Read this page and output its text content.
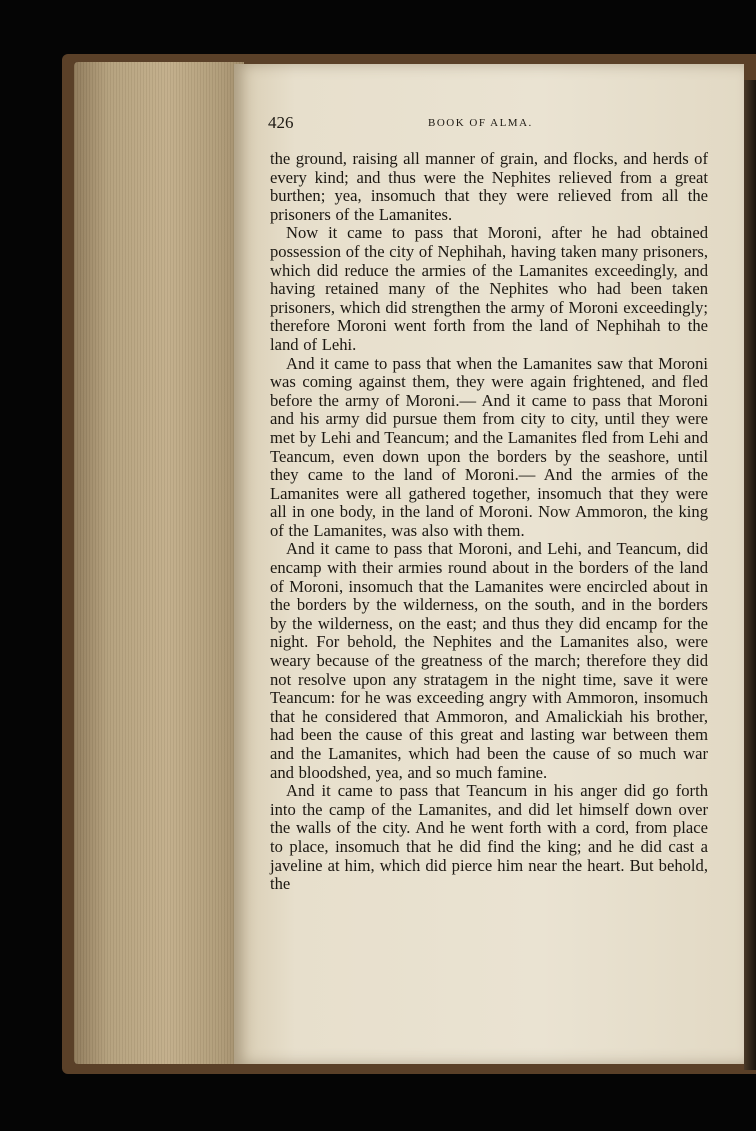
426	BOOK OF ALMA.

the ground, raising all manner of grain, and flocks, and herds of every kind; and thus were the Nephites relieved from a great burthen; yea, insomuch that they were relieved from all the prisoners of the Lamanites.

Now it came to pass that Moroni, after he had obtained possession of the city of Nephihah, having taken many prisoners, which did reduce the armies of the Lamanites exceedingly, and having retained many of the Nephites who had been taken prisoners, which did strengthen the army of Moroni exceedingly; therefore Moroni went forth from the land of Nephihah to the land of Lehi.

And it came to pass that when the Lamanites saw that Moroni was coming against them, they were again frightened, and fled before the army of Moroni.— And it came to pass that Moroni and his army did pursue them from city to city, until they were met by Lehi and Teancum; and the Lamanites fled from Lehi and Teancum, even down upon the borders by the seashore, until they came to the land of Moroni.— And the armies of the Lamanites were all gathered together, insomuch that they were all in one body, in the land of Moroni. Now Ammoron, the king of the Lamanites, was also with them.

And it came to pass that Moroni, and Lehi, and Teancum, did encamp with their armies round about in the borders of the land of Moroni, insomuch that the Lamanites were encircled about in the borders by the wilderness, on the south, and in the borders by the wilderness, on the east; and thus they did encamp for the night. For behold, the Nephites and the Lamanites also, were weary because of the greatness of the march; therefore they did not resolve upon any stratagem in the night time, save it were Teancum: for he was exceeding angry with Ammoron, insomuch that he considered that Ammoron, and Amalickiah his brother, had been the cause of this great and lasting war between them and the Lamanites, which had been the cause of so much war and bloodshed, yea, and so much famine.

And it came to pass that Teancum in his anger did go forth into the camp of the Lamanites, and did let himself down over the walls of the city. And he went forth with a cord, from place to place, insomuch that he did find the king; and he did cast a javeline at him, which did pierce him near the heart. But behold, the
